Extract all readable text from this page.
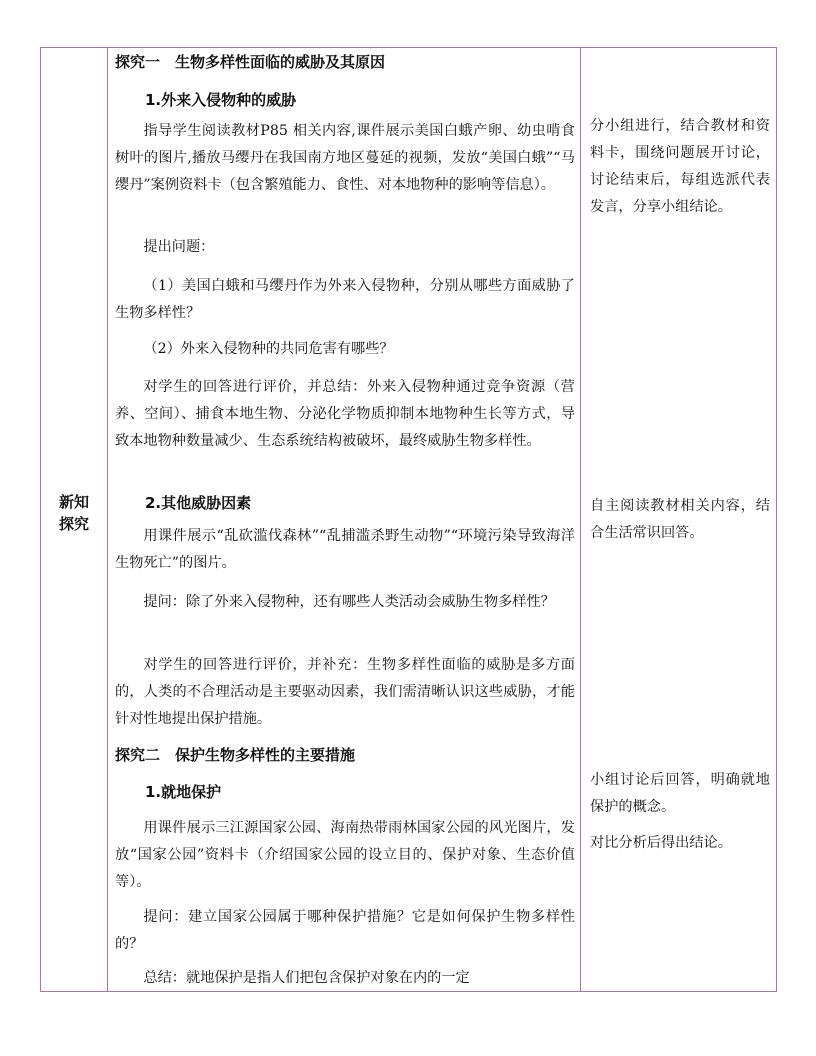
新知
探究
探究一　生物多样性面临的威胁及其原因
1.外来入侵物种的威胁

指导学生阅读教材P85 相关内容,课件展示美国白蛾产卵、幼虫啃食树叶的图片,播放马缨丹在我国南方地区蔓延的视频，发放“美国白蛾”“马缨丹”案例资料卡（包含繁殖能力、食性、对本地物种的影响等信息）。

提出问题：

（1）美国白蛾和马缨丹作为外来入侵物种，分别从哪些方面威胁了生物多样性？

（2）外来入侵物种的共同危害有哪些？

对学生的回答进行评价，并总结：外来入侵物种通过竞争资源（营养、空间）、捕食本地生物、分泌化学物质抑制本地物种生长等方式，导致本地物种数量减少、生态系统结构被破坏，最终威胁生物多样性。

2.其他威胁因素

用课件展示“乱砍滥伐森林”“乱捕滥杀野生动物”“环境污染导致海洋生物死亡”的图片。

提问：除了外来入侵物种，还有哪些人类活动会威胁生物多样性？

对学生的回答进行评价，并补充：生物多样性面临的威胁是多方面的，人类的不合理活动是主要驱动因素，我们需清晰认识这些威胁，才能针对性地提出保护措施。

探究二　保护生物多样性的主要措施
1.就地保护

用课件展示三江源国家公园、海南热带雨林国家公园的风光图片，发放“国家公园”资料卡（介绍国家公园的设立目的、保护对象、生态价值等）。

提问：建立国家公园属于哪种保护措施？它是如何保护生物多样性的？

总结：就地保护是指人们把包含保护对象在内的一定

分小组进行，结合教材和资料卡，围绕问题展开讨论，讨论结束后，每组选派代表发言，分享小组结论。

自主阅读教材相关内容，结合生活常识回答。

小组讨论后回答，明确就地保护的概念。

对比分析后得出结论。
